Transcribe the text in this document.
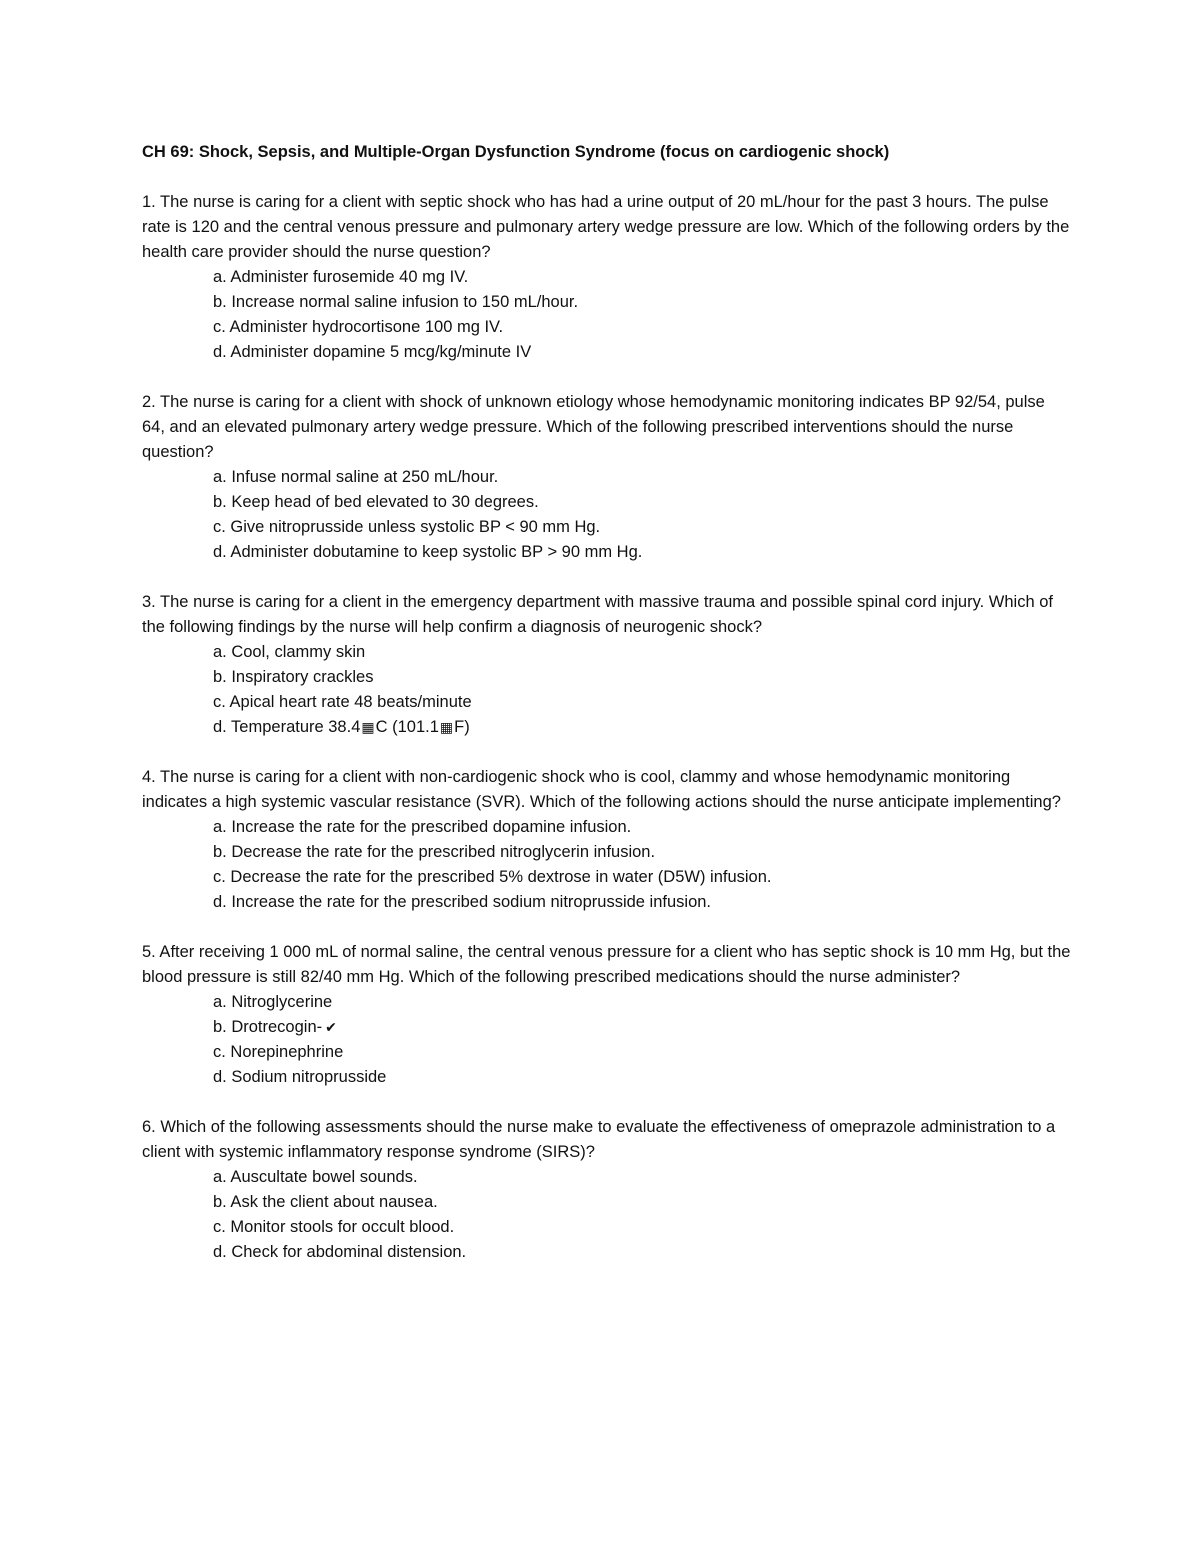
CH 69: Shock, Sepsis, and Multiple-Organ Dysfunction Syndrome (focus on cardiogenic shock)

1. The nurse is caring for a client with septic shock who has had a urine output of 20 mL/hour for the past 3 hours. The pulse rate is 120 and the central venous pressure and pulmonary artery wedge pressure are low. Which of the following orders by the health care provider should the nurse question?

a. Administer furosemide 40 mg IV.
b. Increase normal saline infusion to 150 mL/hour.
c. Administer hydrocortisone 100 mg IV.
d. Administer dopamine 5 mcg/kg/minute IV

2. The nurse is caring for a client with shock of unknown etiology whose hemodynamic monitoring indicates BP 92/54, pulse 64, and an elevated pulmonary artery wedge pressure. Which of the following prescribed interventions should the nurse question?

a. Infuse normal saline at 250 mL/hour.
b. Keep head of bed elevated to 30 degrees.
c. Give nitroprusside unless systolic BP < 90 mm Hg.
d. Administer dobutamine to keep systolic BP > 90 mm Hg.

3. The nurse is caring for a client in the emergency department with massive trauma and possible spinal cord injury. Which of the following findings by the nurse will help confirm a diagnosis of neurogenic shock?

a. Cool, clammy skin
b. Inspiratory crackles
c. Apical heart rate 48 beats/minute
d. Temperature 38.4▦C (101.1▦F)

4. The nurse is caring for a client with non-cardiogenic shock who is cool, clammy and whose hemodynamic monitoring indicates a high systemic vascular resistance (SVR). Which of the following actions should the nurse anticipate implementing?

a. Increase the rate for the prescribed dopamine infusion.
b. Decrease the rate for the prescribed nitroglycerin infusion.
c. Decrease the rate for the prescribed 5% dextrose in water (D5W) infusion.
d. Increase the rate for the prescribed sodium nitroprusside infusion.

5. After receiving 1 000 mL of normal saline, the central venous pressure for a client who has septic shock is 10 mm Hg, but the blood pressure is still 82/40 mm Hg. Which of the following prescribed medications should the nurse administer?

a. Nitroglycerine
b. Drotrecogin- ✔
c. Norepinephrine
d. Sodium nitroprusside

6. Which of the following assessments should the nurse make to evaluate the effectiveness of omeprazole administration to a client with systemic inflammatory response syndrome (SIRS)?

a. Auscultate bowel sounds.
b. Ask the client about nausea.
c. Monitor stools for occult blood.
d. Check for abdominal distension.
